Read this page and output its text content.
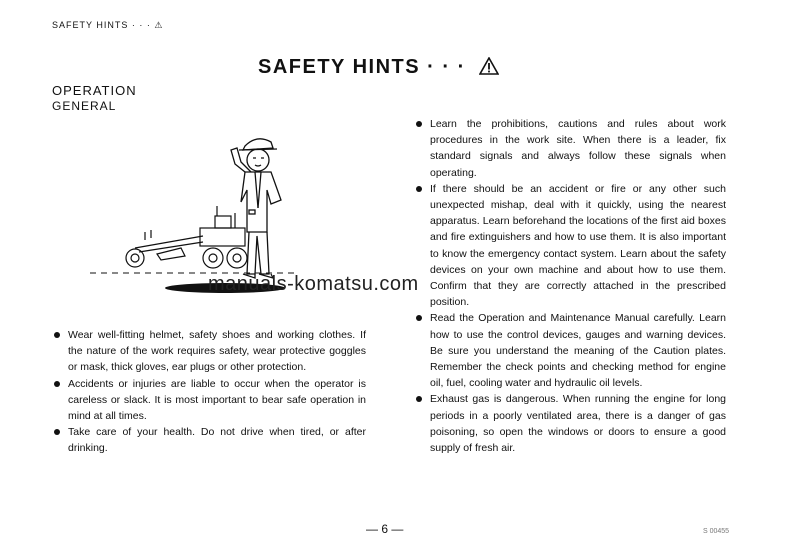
SAFETY HINTS · · · ⚠
SAFETY HINTS · · ·
OPERATION
GENERAL
manuals-komatsu.com
Wear well-fitting helmet, safety shoes and working clothes. If the nature of the work requires safety, wear protective goggles or mask, thick gloves, ear plugs or other protection.
Accidents or injuries are liable to occur when the operator is careless or slack. It is most important to bear safe operation in mind at all times.
Take care of your health. Do not drive when tired, or after drinking.
Learn the prohibitions, cautions and rules about work procedures in the work site. When there is a leader, fix standard signals and always follow these signals when operating.
If there should be an accident or fire or any other such unexpected mishap, deal with it quickly, using the nearest apparatus. Learn beforehand the locations of the first aid boxes and fire extinguishers and how to use them. It is also important to know the emergency contact system. Learn about the safety devices on your own machine and about how to use them. Confirm that they are correctly attached in the prescribed position.
Read the Operation and Maintenance Manual carefully. Learn how to use the control devices, gauges and warning devices. Be sure you understand the meaning of the Caution plates. Remember the check points and checking method for engine oil, fuel, cooling water and hydraulic oil levels.
Exhaust gas is dangerous. When running the engine for long periods in a poorly ventilated area, there is a danger of gas poisoning, so open the windows or doors to ensure a good supply of fresh air.
— 6 —	S 00455
